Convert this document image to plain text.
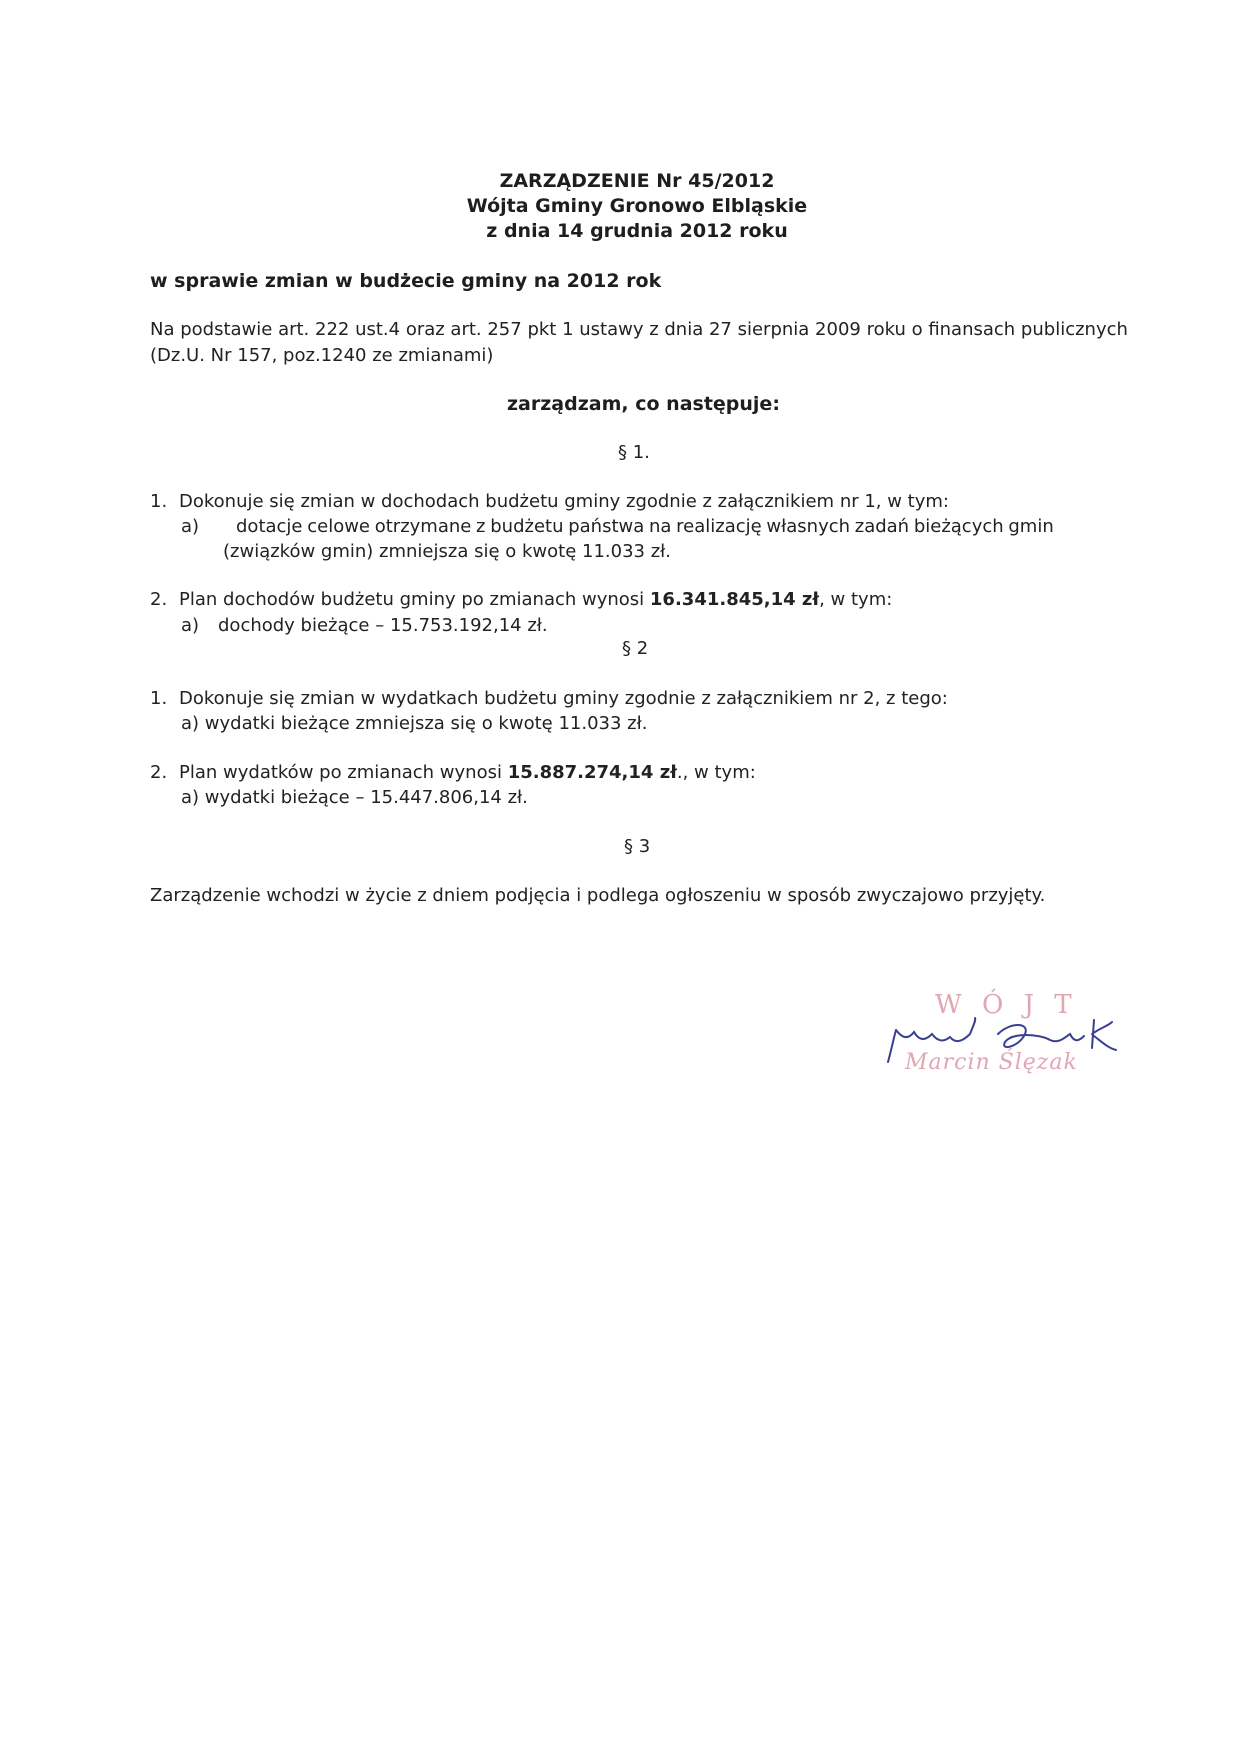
ZARZĄDZENIE Nr 45/2012
Wójta Gminy Gronowo Elbląskie
z dnia 14 grudnia 2012 roku
w sprawie zmian w budżecie gminy na 2012 rok
Na podstawie art. 222 ust.4 oraz art. 257 pkt 1 ustawy z dnia 27 sierpnia 2009 roku o finansach publicznych
(Dz.U. Nr 157, poz.1240 ze zmianami)
zarządzam, co następuje:
§ 1.
1. Dokonuje się zmian w dochodach budżetu gminy zgodnie z załącznikiem nr 1, w tym:
a) dotacje celowe otrzymane z budżetu państwa na realizację własnych zadań bieżących gmin
(związków gmin) zmniejsza się o kwotę 11.033 zł.
2. Plan dochodów budżetu gminy po zmianach wynosi 16.341.845,14 zł, w tym:
a) dochody bieżące – 15.753.192,14 zł.
§ 2
1. Dokonuje się zmian w wydatkach budżetu gminy zgodnie z załącznikiem nr 2, z tego:
a) wydatki bieżące zmniejsza się o kwotę 11.033 zł.
2. Plan wydatków po zmianach wynosi 15.887.274,14 zł., w tym:
a) wydatki bieżące – 15.447.806,14 zł.
§ 3
Zarządzenie wchodzi w życie z dniem podjęcia i podlega ogłoszeniu w sposób zwyczajowo przyjęty.
W Ó J T
Marcin Ślęzak
